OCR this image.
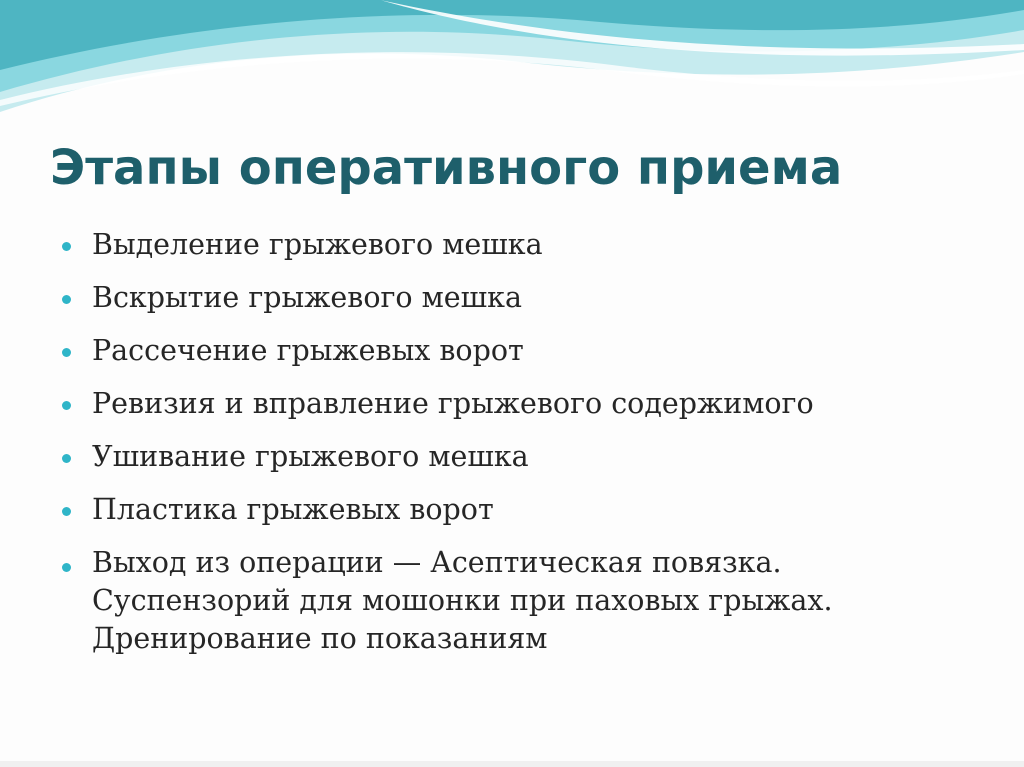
Этапы оперативного приема
Выделение грыжевого мешка
Вскрытие грыжевого мешка
Рассечение грыжевых ворот
Ревизия и вправление грыжевого содержимого
Ушивание грыжевого мешка
Пластика грыжевых ворот
Выход из операции — Асептическая повязка.
Суспензорий для мошонки при паховых грыжах.
Дренирование по показаниям
